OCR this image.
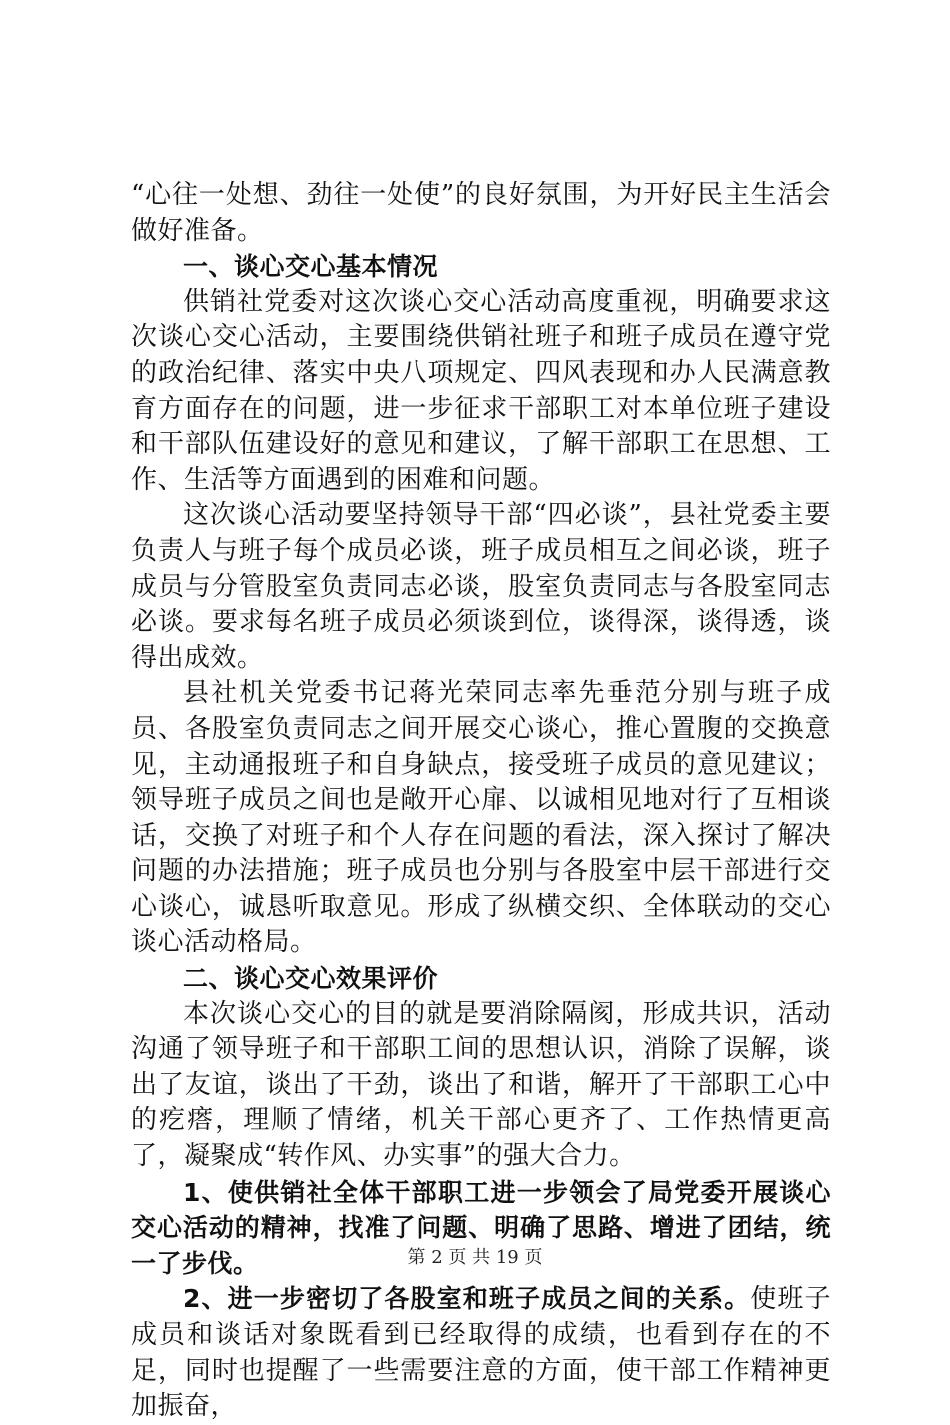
“心往一处想、劲往一处使”的良好氛围，为开好民主生活会做好准备。

一、谈心交心基本情况

供销社党委对这次谈心交心活动高度重视，明确要求这次谈心交心活动，主要围绕供销社班子和班子成员在遵守党的政治纪律、落实中央八项规定、四风表现和办人民满意教育方面存在的问题，进一步征求干部职工对本单位班子建设和干部队伍建设好的意见和建议，了解干部职工在思想、工作、生活等方面遇到的困难和问题。

这次谈心活动要坚持领导干部“四必谈”，县社党委主要负责人与班子每个成员必谈，班子成员相互之间必谈，班子成员与分管股室负责同志必谈，股室负责同志与各股室同志必谈。要求每名班子成员必须谈到位，谈得深，谈得透，谈得出成效。

县社机关党委书记蒋光荣同志率先垂范分别与班子成员、各股室负责同志之间开展交心谈心，推心置腹的交换意见，主动通报班子和自身缺点，接受班子成员的意见建议；领导班子成员之间也是敞开心扉、以诚相见地对行了互相谈话，交换了对班子和个人存在问题的看法，深入探讨了解决问题的办法措施；班子成员也分别与各股室中层干部进行交心谈心，诚恳听取意见。形成了纵横交织、全体联动的交心谈心活动格局。

二、谈心交心效果评价

本次谈心交心的目的就是要消除隔阂，形成共识，活动沟通了领导班子和干部职工间的思想认识，消除了误解，谈出了友谊，谈出了干劲，谈出了和谐，解开了干部职工心中的疙瘩，理顺了情绪，机关干部心更齐了、工作热情更高了，凝聚成“转作风、办实事”的强大合力。

1、使供销社全体干部职工进一步领会了局党委开展谈心交心活动的精神，找准了问题、明确了思路、增进了团结，统一了步伐。

2、进一步密切了各股室和班子成员之间的关系。使班子成员和谈话对象既看到已经取得的成绩，也看到存在的不足，同时也提醒了一些需要注意的方面，使干部工作精神更加振奋，

第 2 页 共 19 页
